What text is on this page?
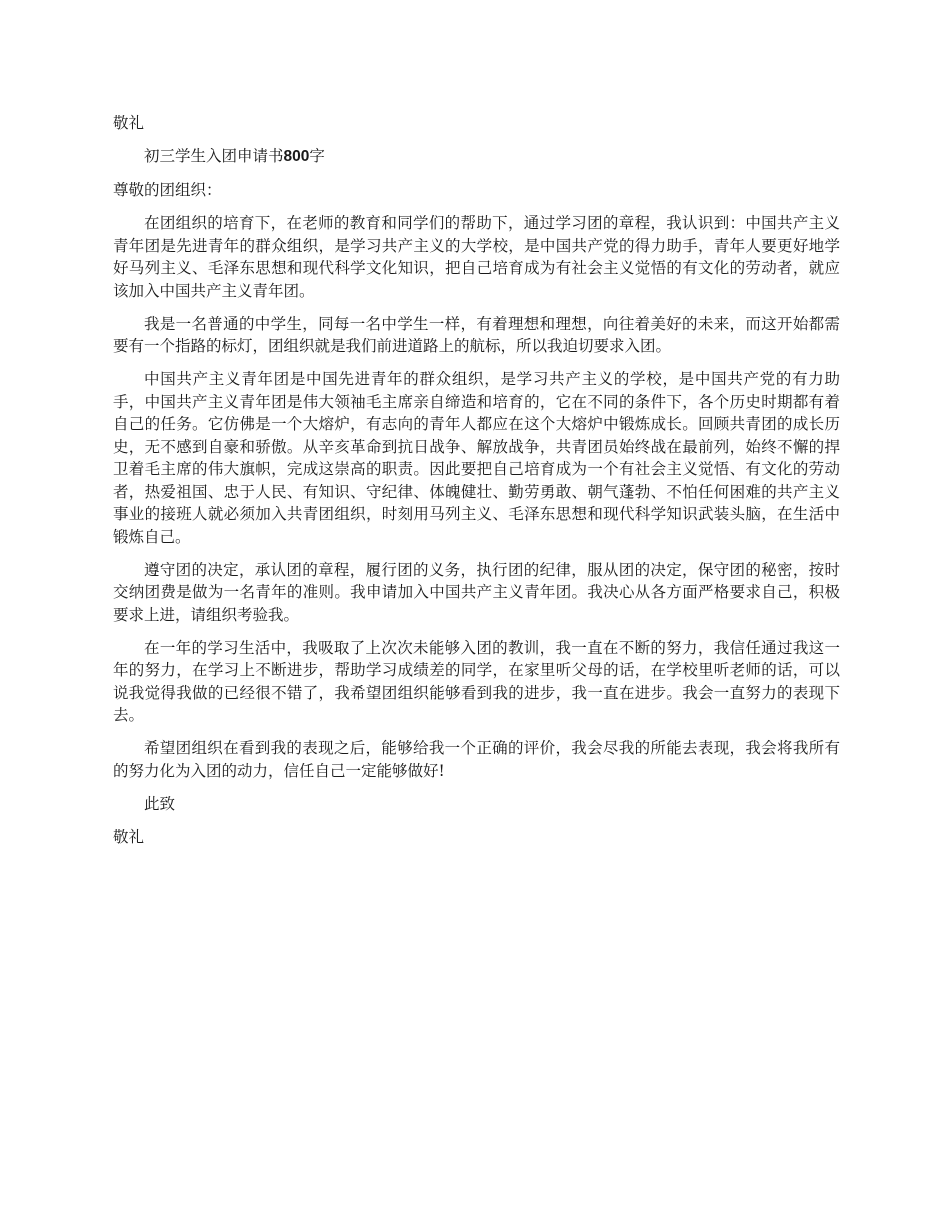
敬礼

初三学生入团申请书800字

尊敬的团组织：

在团组织的培育下，在老师的教育和同学们的帮助下，通过学习团的章程，我认识到：中国共产主义青年团是先进青年的群众组织，是学习共产主义的大学校，是中国共产党的得力助手，青年人要更好地学好马列主义、毛泽东思想和现代科学文化知识，把自己培育成为有社会主义觉悟的有文化的劳动者，就应该加入中国共产主义青年团。

我是一名普通的中学生，同每一名中学生一样，有着理想和理想，向往着美好的未来，而这开始都需要有一个指路的标灯，团组织就是我们前进道路上的航标，所以我迫切要求入团。

中国共产主义青年团是中国先进青年的群众组织，是学习共产主义的学校，是中国共产党的有力助手，中国共产主义青年团是伟大领袖毛主席亲自缔造和培育的，它在不同的条件下，各个历史时期都有着自己的任务。它仿佛是一个大熔炉，有志向的青年人都应在这个大熔炉中锻炼成长。回顾共青团的成长历史，无不感到自豪和骄傲。从辛亥革命到抗日战争、解放战争，共青团员始终战在最前列，始终不懈的捍卫着毛主席的伟大旗帜，完成这崇高的职责。因此要把自己培育成为一个有社会主义觉悟、有文化的劳动者，热爱祖国、忠于人民、有知识、守纪律、体魄健壮、勤劳勇敢、朝气蓬勃、不怕任何困难的共产主义事业的接班人就必须加入共青团组织，时刻用马列主义、毛泽东思想和现代科学知识武装头脑，在生活中锻炼自己。

遵守团的决定，承认团的章程，履行团的义务，执行团的纪律，服从团的决定，保守团的秘密，按时交纳团费是做为一名青年的准则。我申请加入中国共产主义青年团。我决心从各方面严格要求自己，积极要求上进，请组织考验我。

在一年的学习生活中，我吸取了上次次未能够入团的教训，我一直在不断的努力，我信任通过我这一年的努力，在学习上不断进步，帮助学习成绩差的同学，在家里听父母的话，在学校里听老师的话，可以说我觉得我做的已经很不错了，我希望团组织能够看到我的进步，我一直在进步。我会一直努力的表现下去。

希望团组织在看到我的表现之后，能够给我一个正确的评价，我会尽我的所能去表现，我会将我所有的努力化为入团的动力，信任自己一定能够做好!

此致

敬礼
